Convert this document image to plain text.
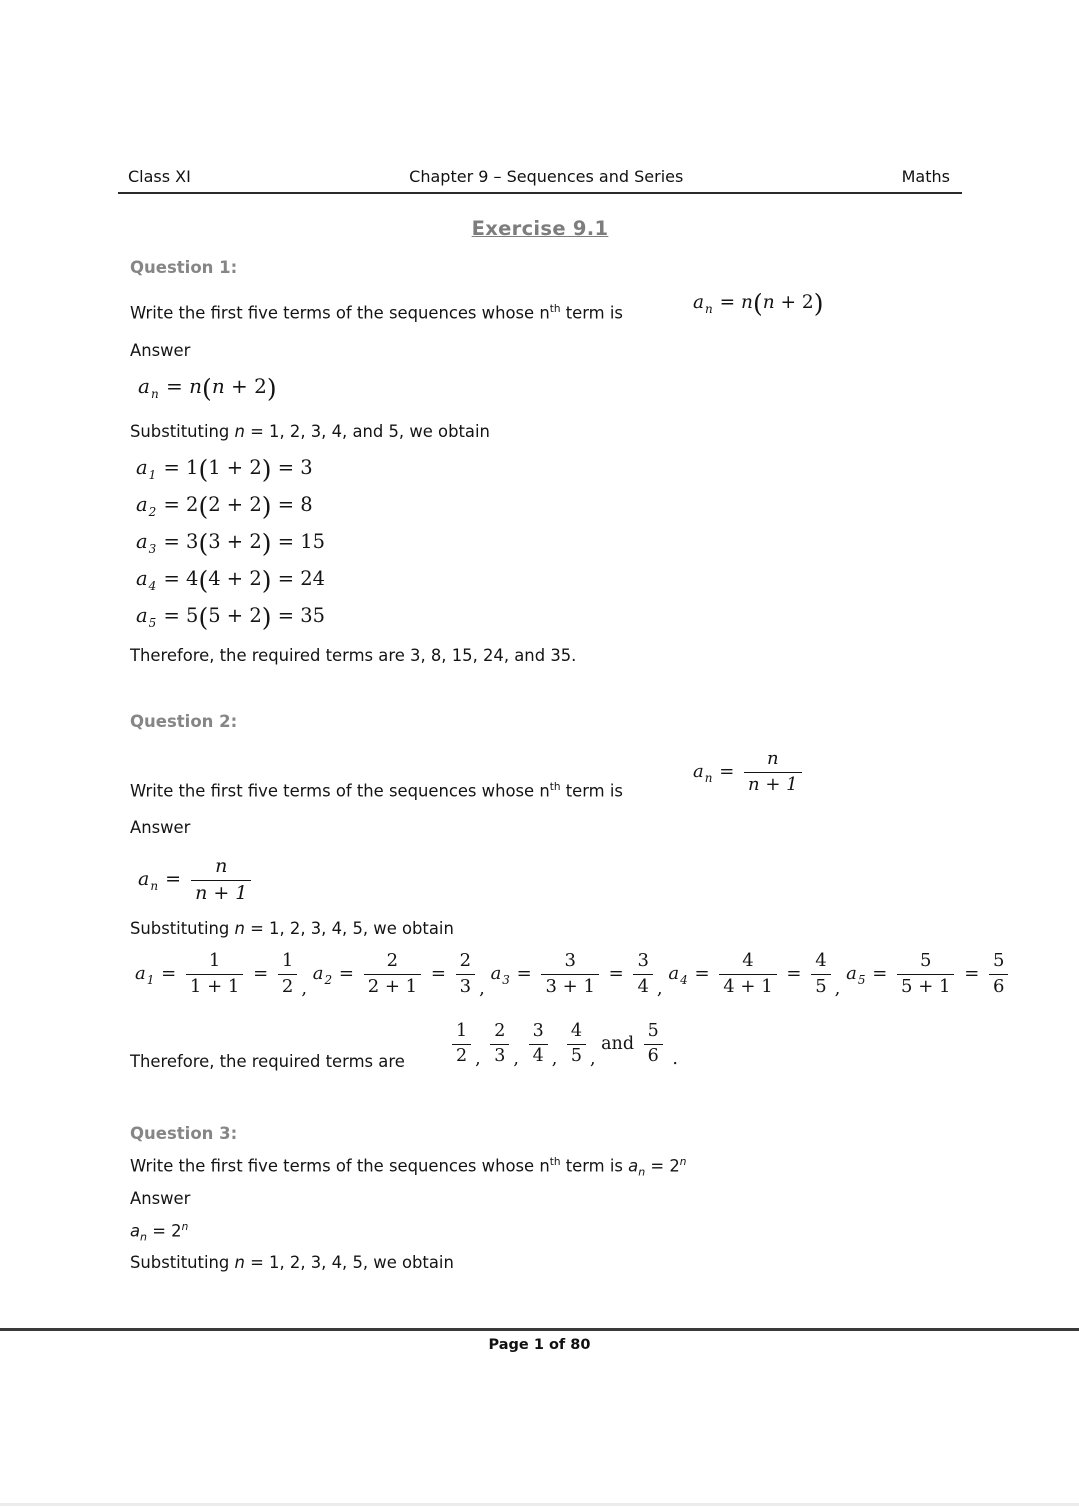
Class XI	Chapter 9 – Sequences and Series	Maths
Exercise 9.1
Question 1:
Write the first five terms of the sequences whose $n^{th}$ term is	$a_n = n(n + 2)$
Answer
$a_n = n(n + 2)$
Substituting n = 1, 2, 3, 4, and 5, we obtain
$a_1 = 1(1 + 2) = 3$
$a_2 = 2(2 + 2) = 8$
$a_3 = 3(3 + 2) = 15$
$a_4 = 4(4 + 2) = 24$
$a_5 = 5(5 + 2) = 35$
Therefore, the required terms are 3, 8, 15, 24, and 35.
Question 2:
Write the first five terms of the sequences whose $n^{th}$ term is
$a_n = \frac{n}{n + 1}$
Answer
$a_n = \frac{n}{n + 1}$
Substituting n = 1, 2, 3, 4, 5, we obtain
$a_1 = \frac{1}{1 + 1} = \frac{1}{2}$ , $a_2 = \frac{2}{2 + 1} = \frac{2}{3}$ , $a_3 = \frac{3}{3 + 1} = \frac{3}{4}$ , $a_4 = \frac{4}{4 + 1} = \frac{4}{5}$ , $a_5 = \frac{5}{5 + 1} = \frac{5}{6}$
Therefore, the required terms are	$\frac{1}{2}$ , $\frac{2}{3}$ , $\frac{3}{4}$ , $\frac{4}{5}$ , and $\frac{5}{6}$ .
Question 3:
Write the first five terms of the sequences whose $n^{th}$ term is $a_n = 2^n$
Answer
$a_n = 2^n$
Substituting n = 1, 2, 3, 4, 5, we obtain
Page 1 of 80
